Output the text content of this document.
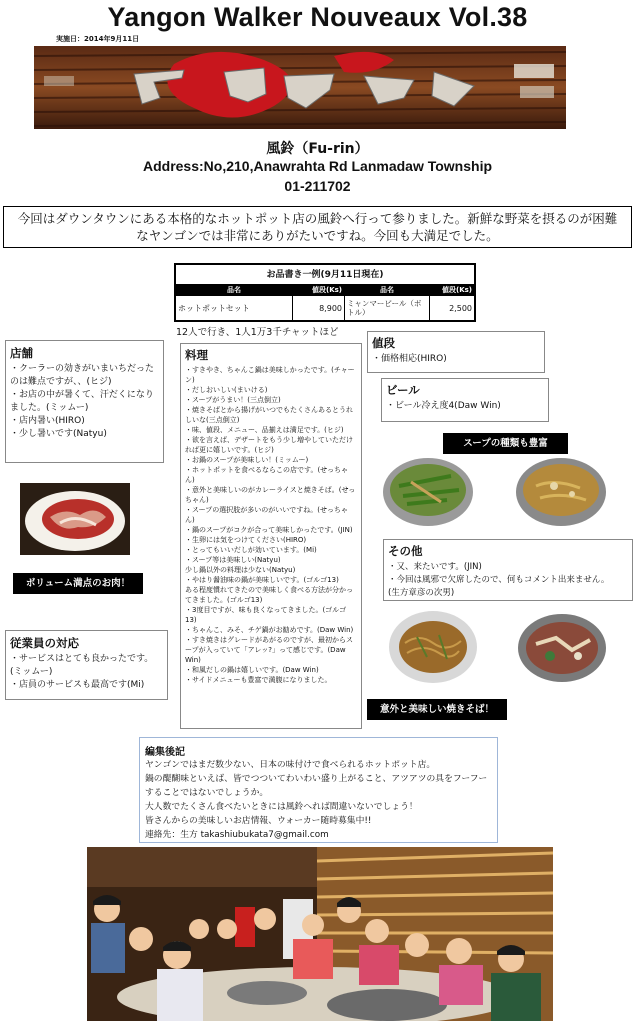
Yangon Walker Nouveaux Vol.38
実施日：2014年9月11日
風鈴（Fu-rin）
Address:No,210,Anawrahta Rd Lanmadaw Township
01-211702
今回はダウンタウンにある本格的なホットポット店の風鈴へ行って参りました。新鮮な野菜を摂るのが困難
なヤンゴンでは非常にありがたいですね。今回も大満足でした。
お品書き一例(9月11日現在)
品名	値段(Ks)	品名	値段(Ks)
ホットポットセット	8,900 ミャンマービール（ボトル）	2,500
12人で行き、1人1万3千チャットほど
店舗

・クーラーの効きがいまいちだったのは難点ですが、、(ヒジ)

・お店の中が暑くて、汗だくになりました。(ミッムー)

・店内暑い(HIRO)

・少し暑いです(Natyu)

ボリューム満点のお肉！
従業員の対応

・サービスはとても良かったです。(ミッムー)

・店員のサービスも最高です(Mi)

料理

・すきやき、ちゃんこ鍋は美味しかったです。(チャーン)

・だしおいしい(まいける)

・スープがうまい！(三点倒立)

・焼きそばとから揚げがいつでもたくさんあるとうれしいな(三点倒立)

・味、値段、メニュー、品揃えは満足です。(ヒジ)

・欲を言えば、デザートをもう少し増やしていただければ更に嬉しいです。(ヒジ)

・お鍋のスープが美味しい！(ミッムー)

・ホットポットを食べるならこの店です。(せっちゃん)

・意外と美味しいのがカレーライスと焼きそば。(せっちゃん)

・スープの選択肢が多いのがいいですね。(せっちゃん)

・鍋のスープがコクが合って美味しかったです。(JIN)

・生卵には気をつけてください(HIRO)

・とってもいいだしが効いています。(Mi)

・スープ等は美味しい(Natyu)

少し鍋以外の料理は少ない(Natyu)

・やはり醤油味の鍋が美味しいです。(ゴルゴ13)

ある程度慣れてきたので美味しく食べる方法が分かってきました。(ゴルゴ13)

・3度目ですが、味も良くなってきました。(ゴルゴ13)

・ちゃんこ、みそ、チゲ鍋がお勧めです。(Daw Win)

・すき焼きはグレードがあがるのですが、最初からスープが入っていて「アレッ?」って感じです。(Daw Win)

・和風だしの鍋は嬉しいです。(Daw Win)

・サイドメニューも豊富で満腹になりました。

値段

・価格相応(HIRO)

ビール

・ビール冷え度4(Daw Win)

スープの種類も豊富
その他

・又、来たいです。(JIN)

・今回は風邪で欠席したので、何もコメント出来ません。

(生方章彦の次男)

意外と美味しい焼きそば！
編集後記

ヤンゴンではまだ数少ない、日本の味付けで食べられるホットポット店。

鍋の醍醐味といえば、皆でつついてわいわい盛り上がること、アツアツの具をフーフー

することではないでしょうか。

大人数でたくさん食べたいときには風鈴へれば間違いないでしょう！

皆さんからの美味しいお店情報、ウォーカー随時募集中!!

連絡先：生方 takashiubukata7@gmail.com
